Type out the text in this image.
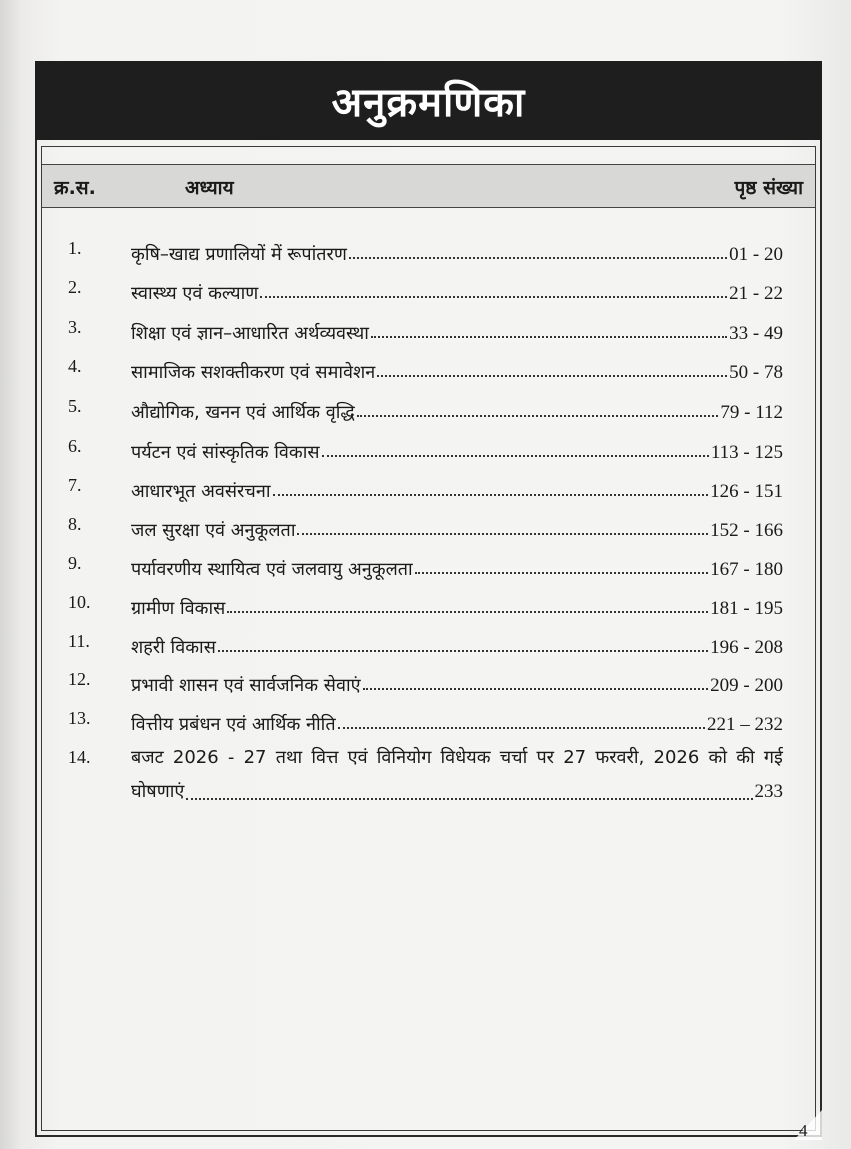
अनुक्रमणिका
क्र.स.	अध्याय	पृष्ठ संख्या
1.	कृषि–खाद्य प्रणालियों में रूपांतरण	01 - 20
2.	स्वास्थ्य एवं कल्याण	21 - 22
3.	शिक्षा एवं ज्ञान–आधारित अर्थव्यवस्था	33 - 49
4.	सामाजिक सशक्तीकरण एवं समावेशन	50 - 78
5.	औद्योगिक, खनन एवं आर्थिक वृद्धि	79 - 112
6.	पर्यटन एवं सांस्कृतिक विकास	113 - 125
7.	आधारभूत अवसंरचना	126 - 151
8.	जल सुरक्षा एवं अनुकूलता	152 - 166
9.	पर्यावरणीय स्थायित्व एवं जलवायु अनुकूलता	167 - 180
10.	ग्रामीण विकास	181 - 195
11.	शहरी विकास	196 - 208
12.	प्रभावी शासन एवं सार्वजनिक सेवाएं	209 - 200
13.	वित्तीय प्रबंधन एवं आर्थिक नीति	221 – 232
14.	बजट 2026 - 27 तथा वित्त एवं विनियोग विधेयक चर्चा पर 27 फरवरी, 2026 को की गई
घोषणाएं	233
4
